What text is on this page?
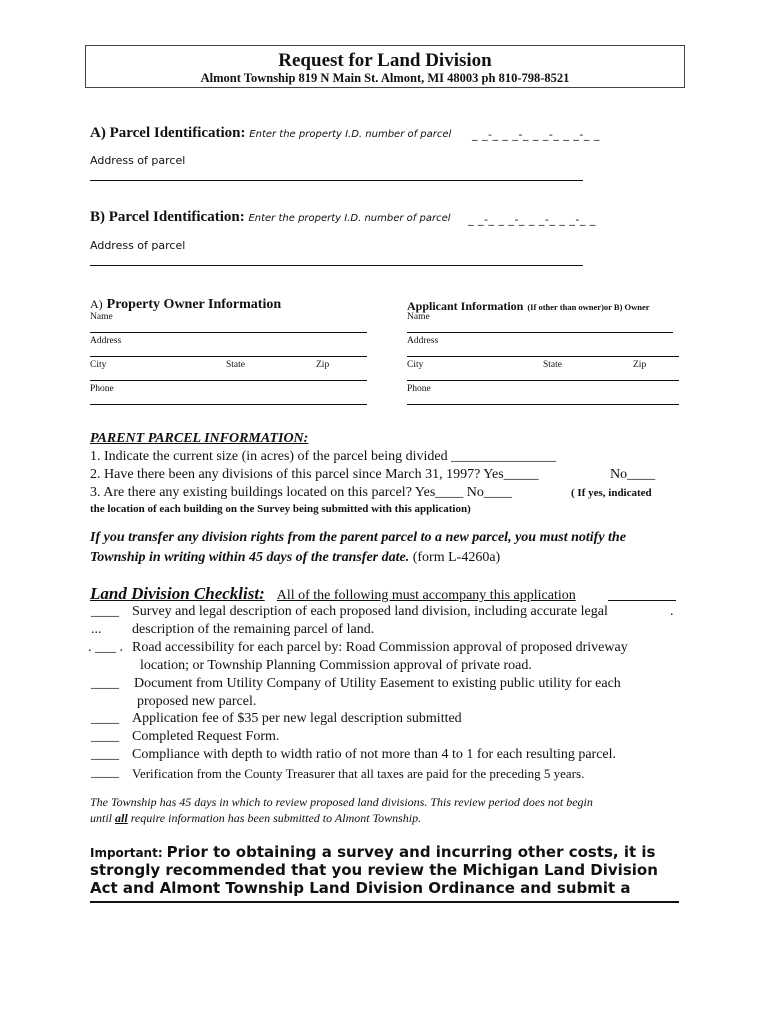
Request for Land Division
Almont Township 819 N Main St. Almont, MI 48003 ph 810-798-8521
A) Parcel Identification: Enter the property I.D. number of parcel _ _-_ _ _-_ _ _-_ _ _-_ _
Address of parcel
B) Parcel Identification: Enter the property I.D. number of parcel _ _-_ _ _-_ _ _-_ _ _-_ _
Address of parcel
A) Property Owner Information
Name
Address
City	State	Zip
Phone
Applicant Information (If other than owner)or B) Owner
Name
Address
City	State	Zip
Phone
PARENT PARCEL INFORMATION:
1. Indicate the current size (in acres) of the parcel being divided _______________
2. Have there been any divisions of this parcel since March 31, 1997? Yes_____	No____
3. Are there any existing buildings located on this parcel? Yes____ No____	( If yes, indicated
the location of each building on the Survey being submitted with this application)
If you transfer any division rights from the parent parcel to a new parcel, you must notify the
Township in writing within 45 days of the transfer date. (form L-4260a)
Land Division Checklist: All of the following must accompany this application
____ Survey and legal description of each proposed land division, including accurate legal	.
... description of the remaining parcel of land.
. ___ . Road accessibility for each parcel by: Road Commission approval of proposed driveway
location; or Township Planning Commission approval of private road.
____ Document from Utility Company of Utility Easement to existing public utility for each
proposed new parcel.
____ Application fee of $35 per new legal description submitted
____ Completed Request Form.
____ Compliance with depth to width ratio of not more than 4 to 1 for each resulting parcel.
____ Verification from the County Treasurer that all taxes are paid for the preceding 5 years.
The Township has 45 days in which to review proposed land divisions. This review period does not begin
until all require information has been submitted to Almont Township.
Important: Prior to obtaining a survey and incurring other costs, it is
strongly recommended that you review the Michigan Land Division
Act and Almont Township Land Division Ordinance and submit a
